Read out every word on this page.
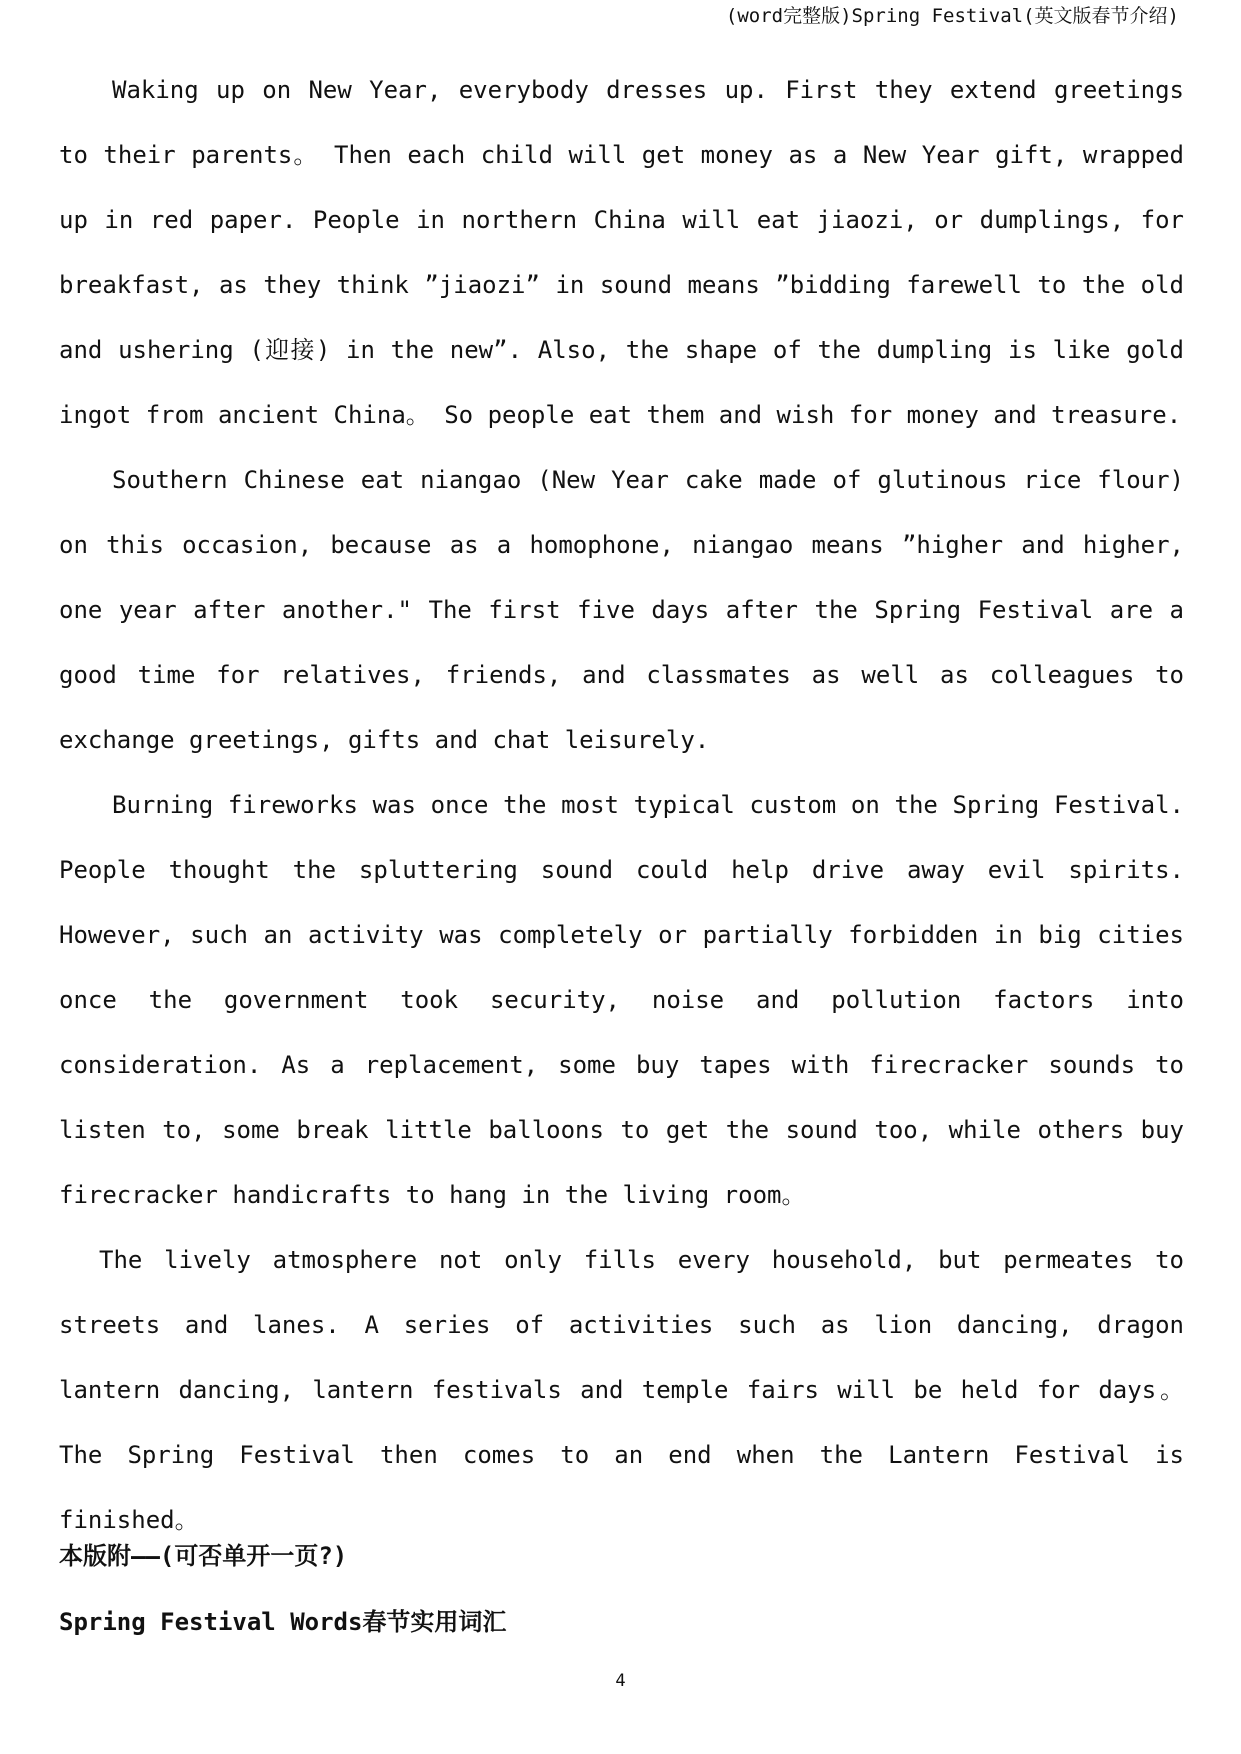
(word完整版)Spring Festival(英文版春节介绍)

Waking up on New Year, everybody dresses up. First they extend greetings to their parents。 Then each child will get money as a New Year gift, wrapped up in red paper. People in northern China will eat jiaozi, or dumplings, for breakfast, as they think ”jiaozi” in sound means ”bidding farewell to the old and ushering (迎接) in the new”. Also, the shape of the dumpling is like gold ingot from ancient China。 So people eat them and wish for money and treasure.

Southern Chinese eat niangao (New Year cake made of glutinous rice flour) on this occasion, because as a homophone, niangao means ”higher and higher, one year after another." The first five days after the Spring Festival are a good time for relatives, friends, and classmates as well as colleagues to exchange greetings, gifts and chat leisurely.

Burning fireworks was once the most typical custom on the Spring Festival. People thought the spluttering sound could help drive away evil spirits. However, such an activity was completely or partially forbidden in big cities once the government took security, noise and pollution factors into consideration. As a replacement, some buy tapes with firecracker sounds to listen to, some break little balloons to get the sound too, while others buy firecracker handicrafts to hang in the living room。

The lively atmosphere not only fills every household, but permeates to streets and lanes. A series of activities such as lion dancing, dragon lantern dancing, lantern festivals and temple fairs will be held for days。 The Spring Festival then comes to an end when the Lantern Festival is finished。

本版附——(可否单开一页?)
Spring Festival Words春节实用词汇
4
